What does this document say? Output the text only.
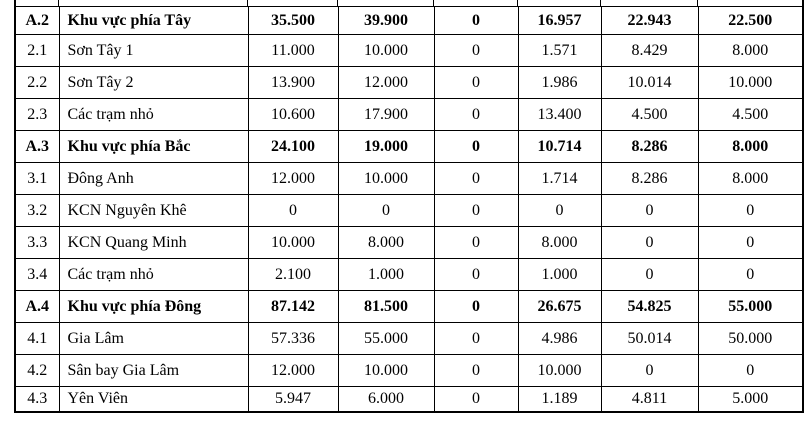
A.2	Khu vực phía Tây	35.500	39.900	0	16.957	22.943	22.500
2.1	Sơn Tây 1	11.000	10.000	0	1.571	8.429	8.000
2.2	Sơn Tây 2	13.900	12.000	0	1.986	10.014	10.000
2.3	Các trạm nhỏ	10.600	17.900	0	13.400	4.500	4.500
A.3	Khu vực phía Bắc	24.100	19.000	0	10.714	8.286	8.000
3.1	Đông Anh	12.000	10.000	0	1.714	8.286	8.000
3.2	KCN Nguyên Khê	0	0	0	0	0	0
3.3	KCN Quang Minh	10.000	8.000	0	8.000	0	0
3.4	Các trạm nhỏ	2.100	1.000	0	1.000	0	0
A.4	Khu vực phía Đông	87.142	81.500	0	26.675	54.825	55.000
4.1	Gia Lâm	57.336	55.000	0	4.986	50.014	50.000
4.2	Sân bay Gia Lâm	12.000	10.000	0	10.000	0	0
4.3	Yên Viên	5.947	6.000	0	1.189	4.811	5.000
